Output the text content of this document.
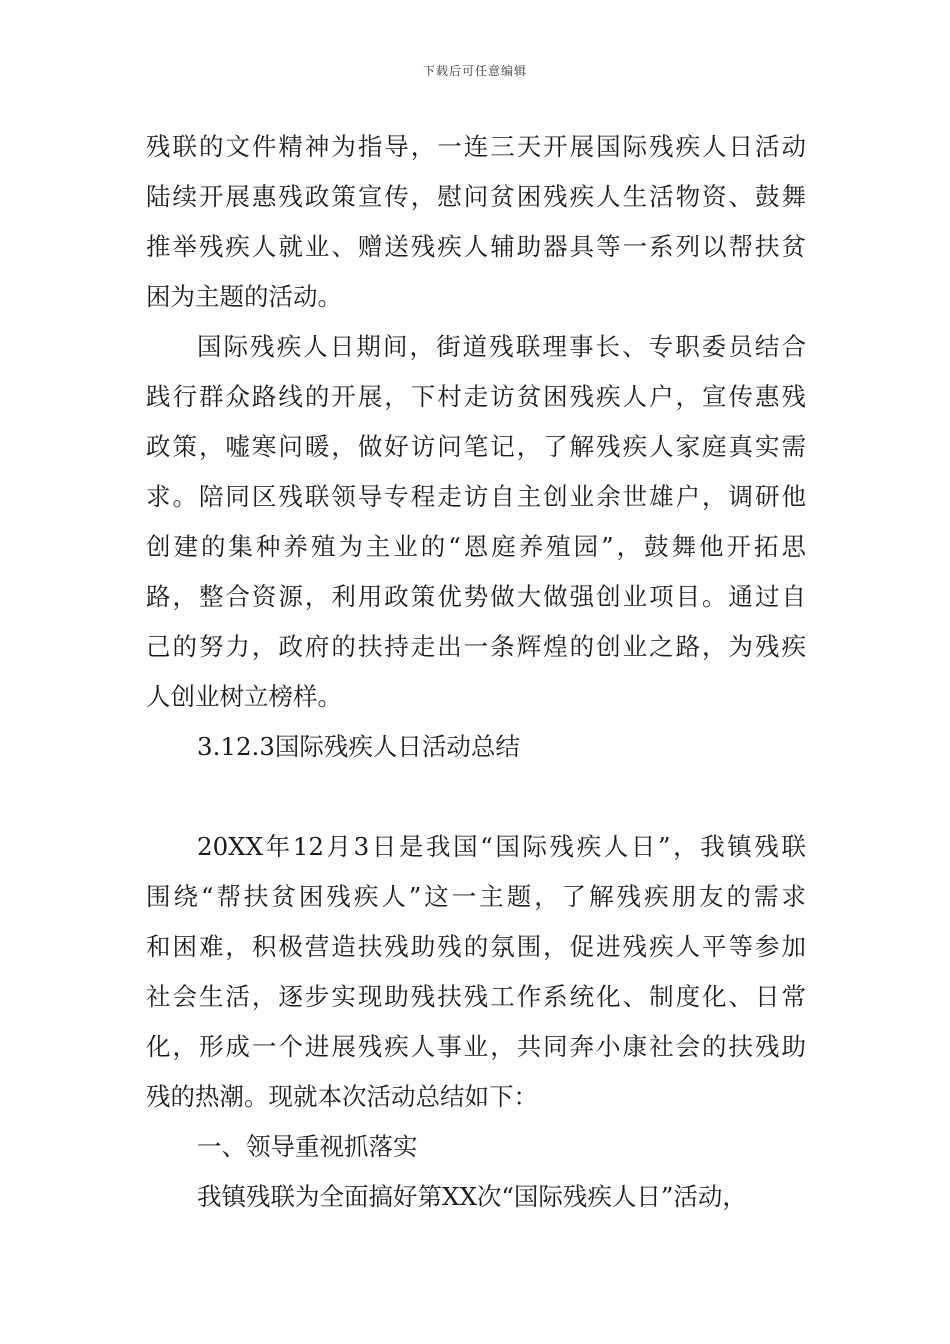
下载后可任意编辑
残联的文件精神为指导，一连三天开展国际残疾人日活动
陆续开展惠残政策宣传，慰问贫困残疾人生活物资、鼓舞
推举残疾人就业、赠送残疾人辅助器具等一系列以帮扶贫
困为主题的活动。
国际残疾人日期间，街道残联理事长、专职委员结合
践行群众路线的开展，下村走访贫困残疾人户，宣传惠残
政策，嘘寒问暖，做好访问笔记，了解残疾人家庭真实需
求。陪同区残联领导专程走访自主创业余世雄户，调研他
创建的集种养殖为主业的“恩庭养殖园”，鼓舞他开拓思
路，整合资源，利用政策优势做大做强创业项目。通过自
己的努力，政府的扶持走出一条辉煌的创业之路，为残疾
人创业树立榜样。
3.12.3国际残疾人日活动总结
20XX年12月3日是我国“国际残疾人日”，我镇残联
围绕“帮扶贫困残疾人”这一主题，了解残疾朋友的需求
和困难，积极营造扶残助残的氛围，促进残疾人平等参加
社会生活，逐步实现助残扶残工作系统化、制度化、日常
化，形成一个进展残疾人事业，共同奔小康社会的扶残助
残的热潮。现就本次活动总结如下：
一、领导重视抓落实
我镇残联为全面搞好第XX次“国际残疾人日”活动，
